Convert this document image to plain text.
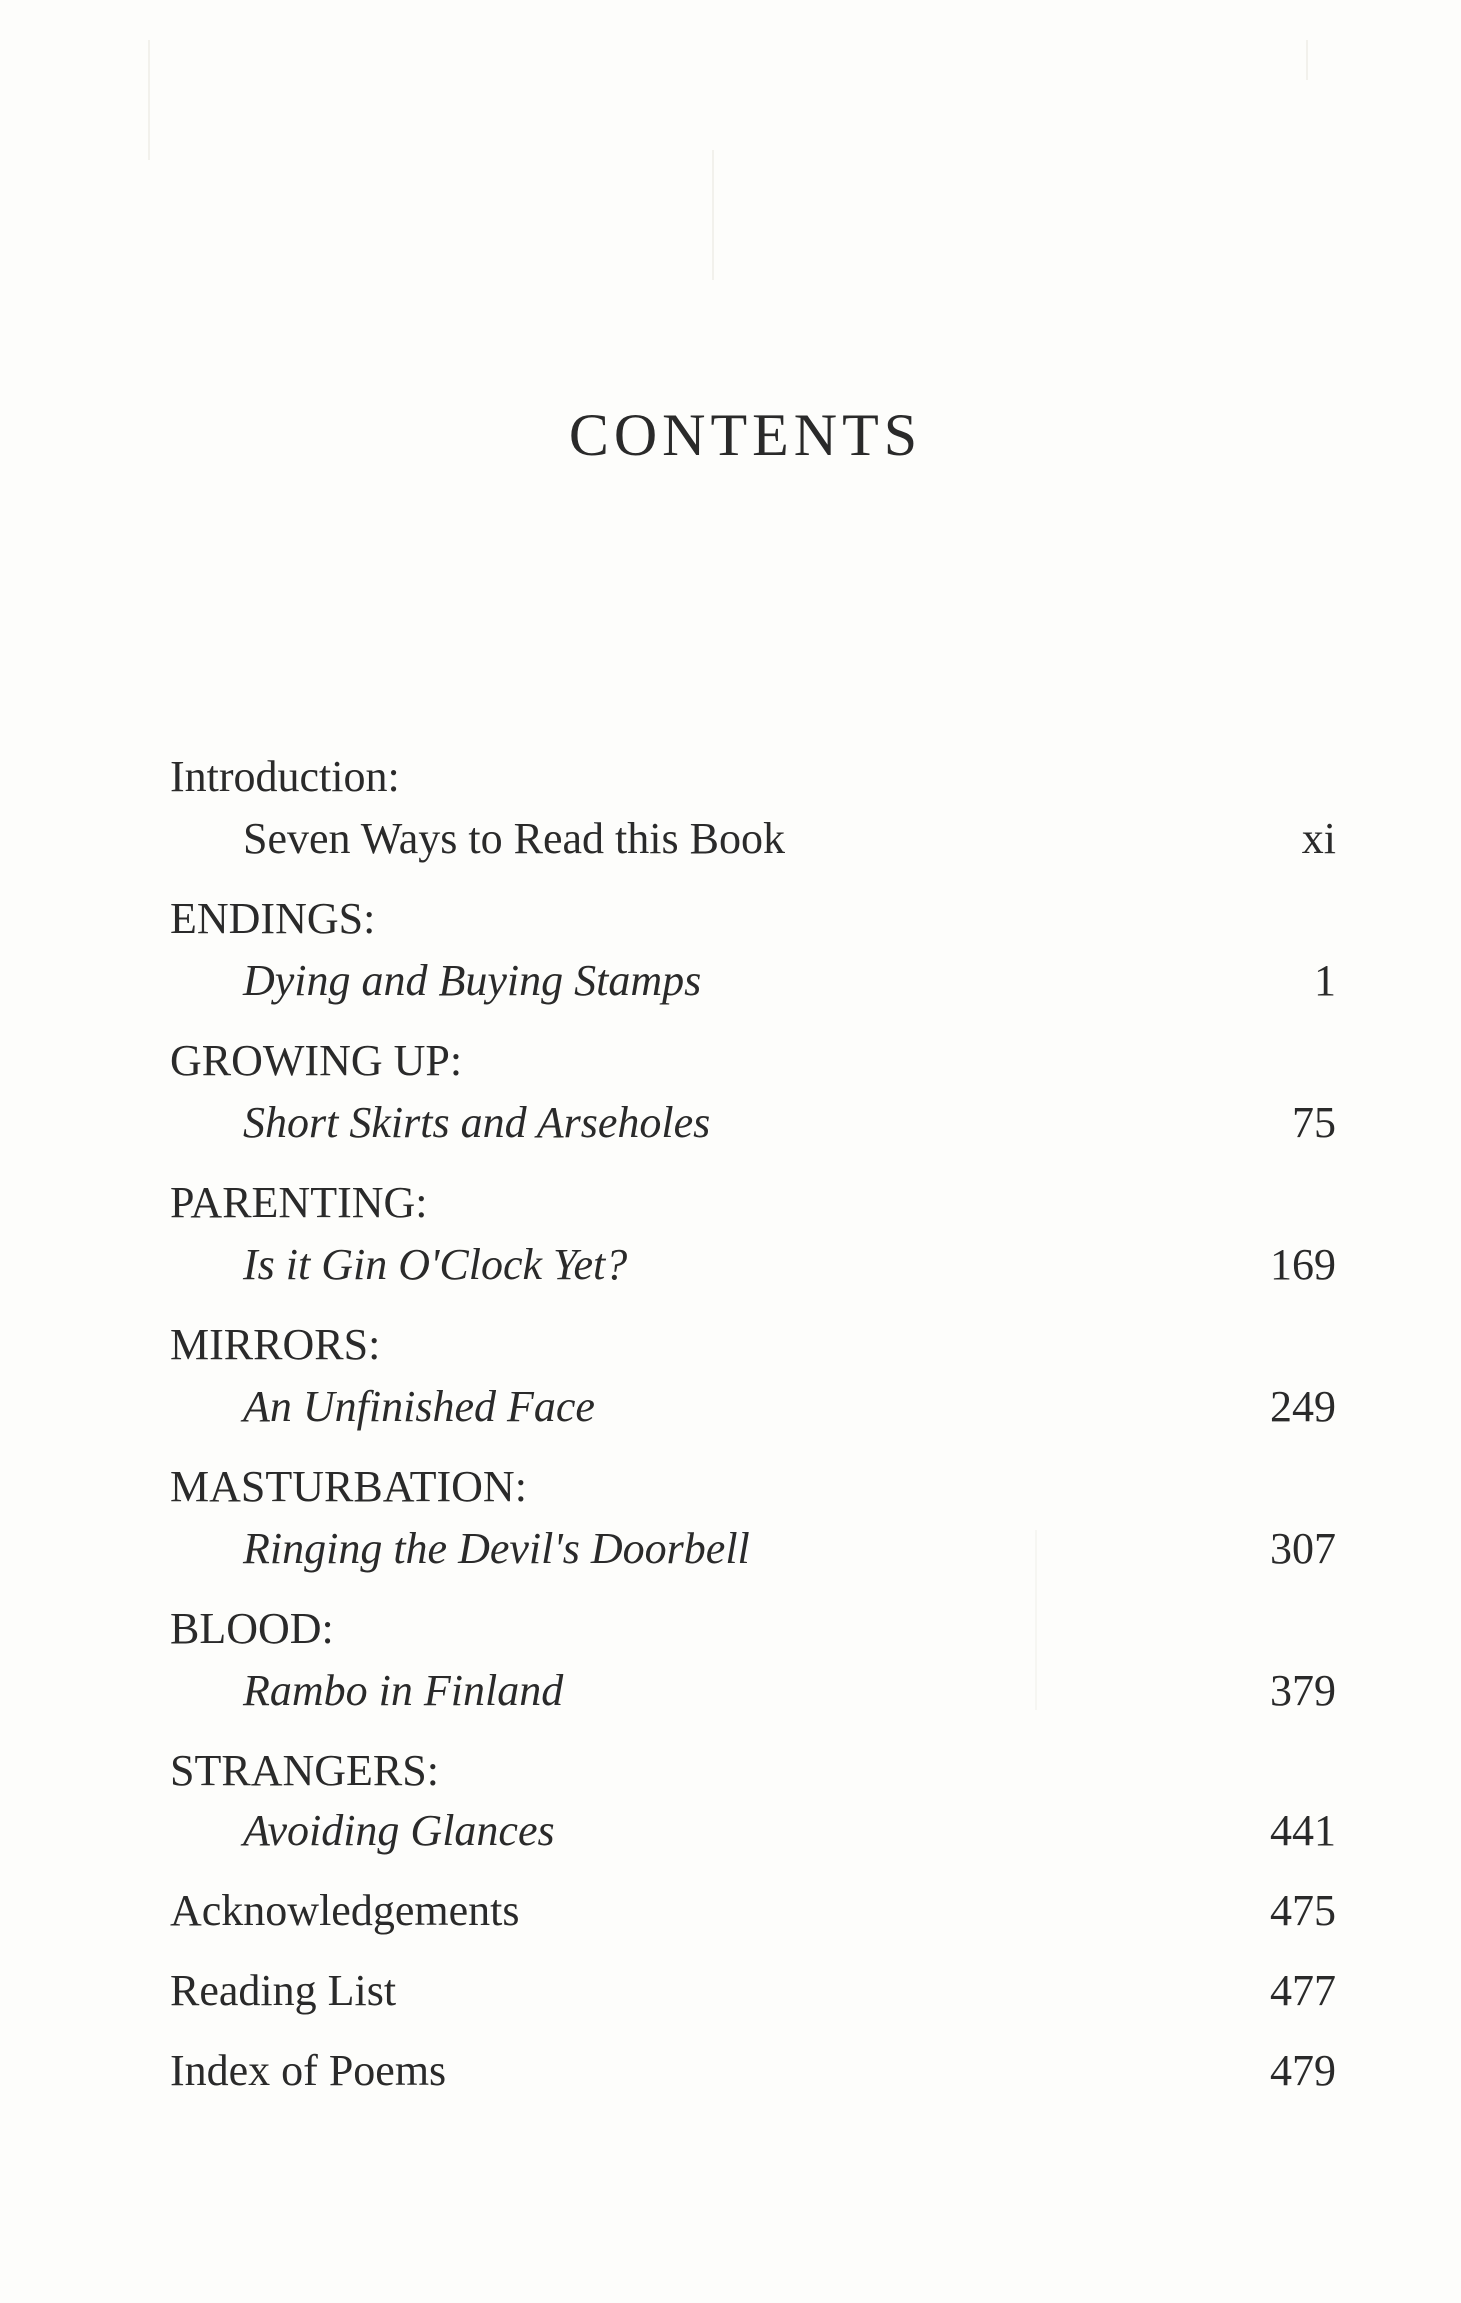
CONTENTS
Introduction:
Seven Ways to Read this Book	xi
ENDINGS:
Dying and Buying Stamps	1
GROWING UP:
Short Skirts and Arseholes	75
PARENTING:
Is it Gin O'Clock Yet?	169
MIRRORS:
An Unfinished Face	249
MASTURBATION:
Ringing the Devil's Doorbell	307
BLOOD:
Rambo in Finland	379
STRANGERS:
Avoiding Glances	441
Acknowledgements	475
Reading List	477
Index of Poems	479
